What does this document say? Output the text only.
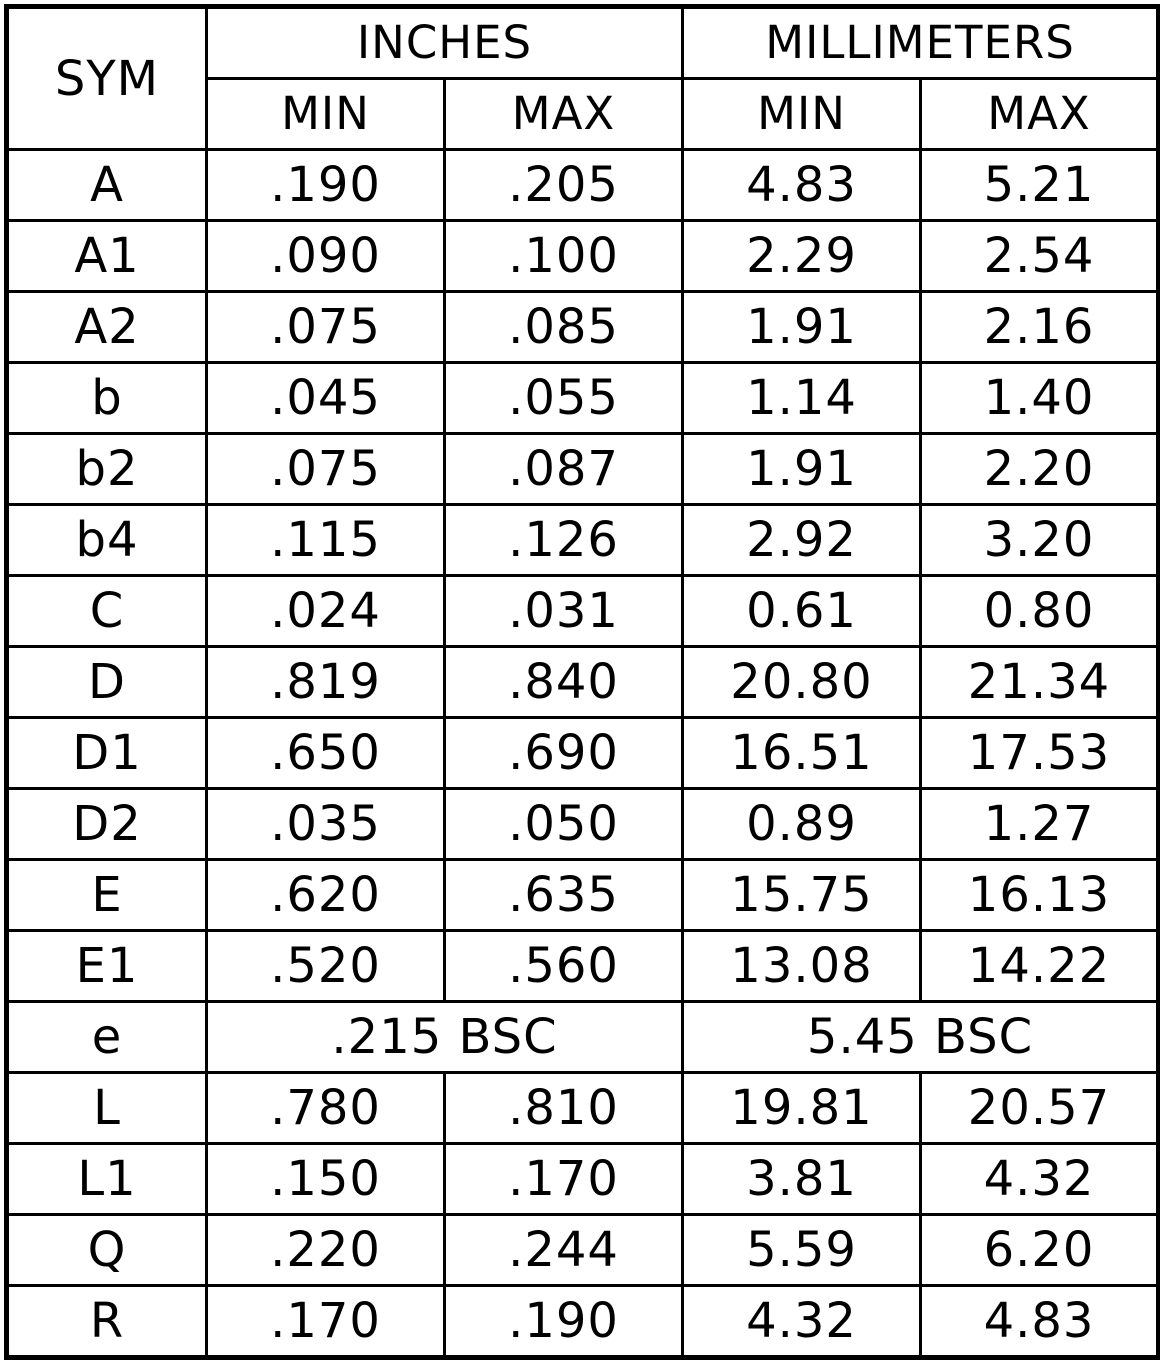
SYM	INCHES		MILLIMETERS	
	MIN	MAX	MIN	MAX
A	.190	.205	4.83	5.21
A1	.090	.100	2.29	2.54
A2	.075	.085	1.91	2.16
b	.045	.055	1.14	1.40
b2	.075	.087	1.91	2.20
b4	.115	.126	2.92	3.20
C	.024	.031	0.61	0.80
D	.819	.840	20.80	21.34
D1	.650	.690	16.51	17.53
D2	.035	.050	0.89	1.27
E	.620	.635	15.75	16.13
E1	.520	.560	13.08	14.22
e	.215 BSC		5.45 BSC	
L	.780	.810	19.81	20.57
L1	.150	.170	3.81	4.32
Q	.220	.244	5.59	6.20
R	.170	.190	4.32	4.83
